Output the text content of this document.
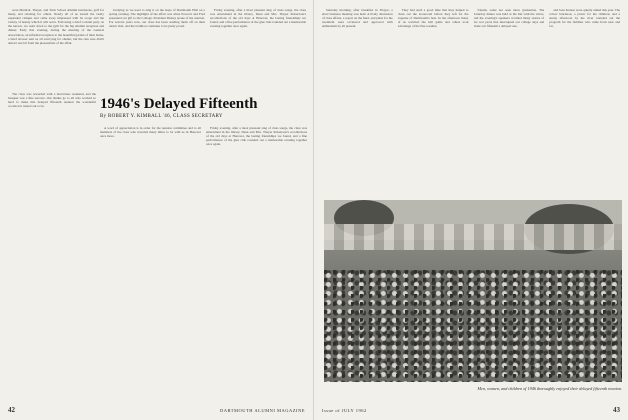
were Medical, Thayer, and Tuck School Alumni luncheons, golf for many, and relaxing for others. Nearly all of us toured the vastly expanded campus and came away impressed with its scope and the variety of beauty which it will serve. Following a brief cocktail party on the terrace, we went down to the gym for the big Alumni reception and dinner. Early that evening, during the meeting of the General Association, an informal reception to the beautiful garden of their home, a brief shower sent us all scurrying for shelter, but the rain sure didn't detract one bit from the pleasantries of the affair.

Undying as we used to sing it on the steps of Dartmouth Hall on a spring evening. The highlight of the affair was when Prescott and Fred presented our gift to the College. President Dickey spoke of the reunion. For several years now, our class has been sending them off on their return visit, and the tradition continues to be justly proud.

Friday evening, after a most pleasant sing of class songs, the class was entertained in the library. Dean and Mrs. Thayer Robertson's recollections of the old days at Hanover, the lasting friendships we found, and a fine performance of the glee club rounded out a memorable evening together once again.

The class was rewarded with a marvelous weekend, and the banquet was a fine success. Our thanks go to all who worked so hard to make this delayed fifteenth reunion the wonderful occasion it turned out to be.	1946's Delayed Fifteenth
By ROBERT Y. KIMBALL '46, CLASS SECRETARY

A word of appreciation is in order for the reunion committee and to all members of the class who traveled many miles to be with us in Hanover once more.

Friday evening, after a most pleasant sing of class songs, the class was entertained in the library. Dean and Mrs. Thayer Robertson's recollections of the old days at Hanover, the lasting friendships we found, and a fine performance of the glee club rounded out a memorable evening together once again.

42	DARTMOUTH ALUMNI MAGAZINE

Saturday morning, after breakfast in Thayer, a short business meeting was held. A lively discussion of class affairs, a report on the fund, and plans for the twentieth were reviewed and approved with enthusiasm by all present.

They had such a good time that they helped to clean out the storeroom before they left for the expense of Dartmouth's best. In the afternoon many of us watched the ball game and others took advantage of the fine weather.

friends, some not seen since graduation. The Saturday dinner was held at the Inn with the wives, and the evening's speakers recalled many stories of the war years that interrupted our college days and made our fifteenth a delayed one.

and Jean Krause were quietly added this year. The wives' luncheon, a picnic for the children, and a sunny afternoon by the river rounded out the program for the families who came from near and far.

Men, women, and children of 1946 thoroughly enjoyed their delayed fifteenth reunion.
Issue of JULY 1962	43
